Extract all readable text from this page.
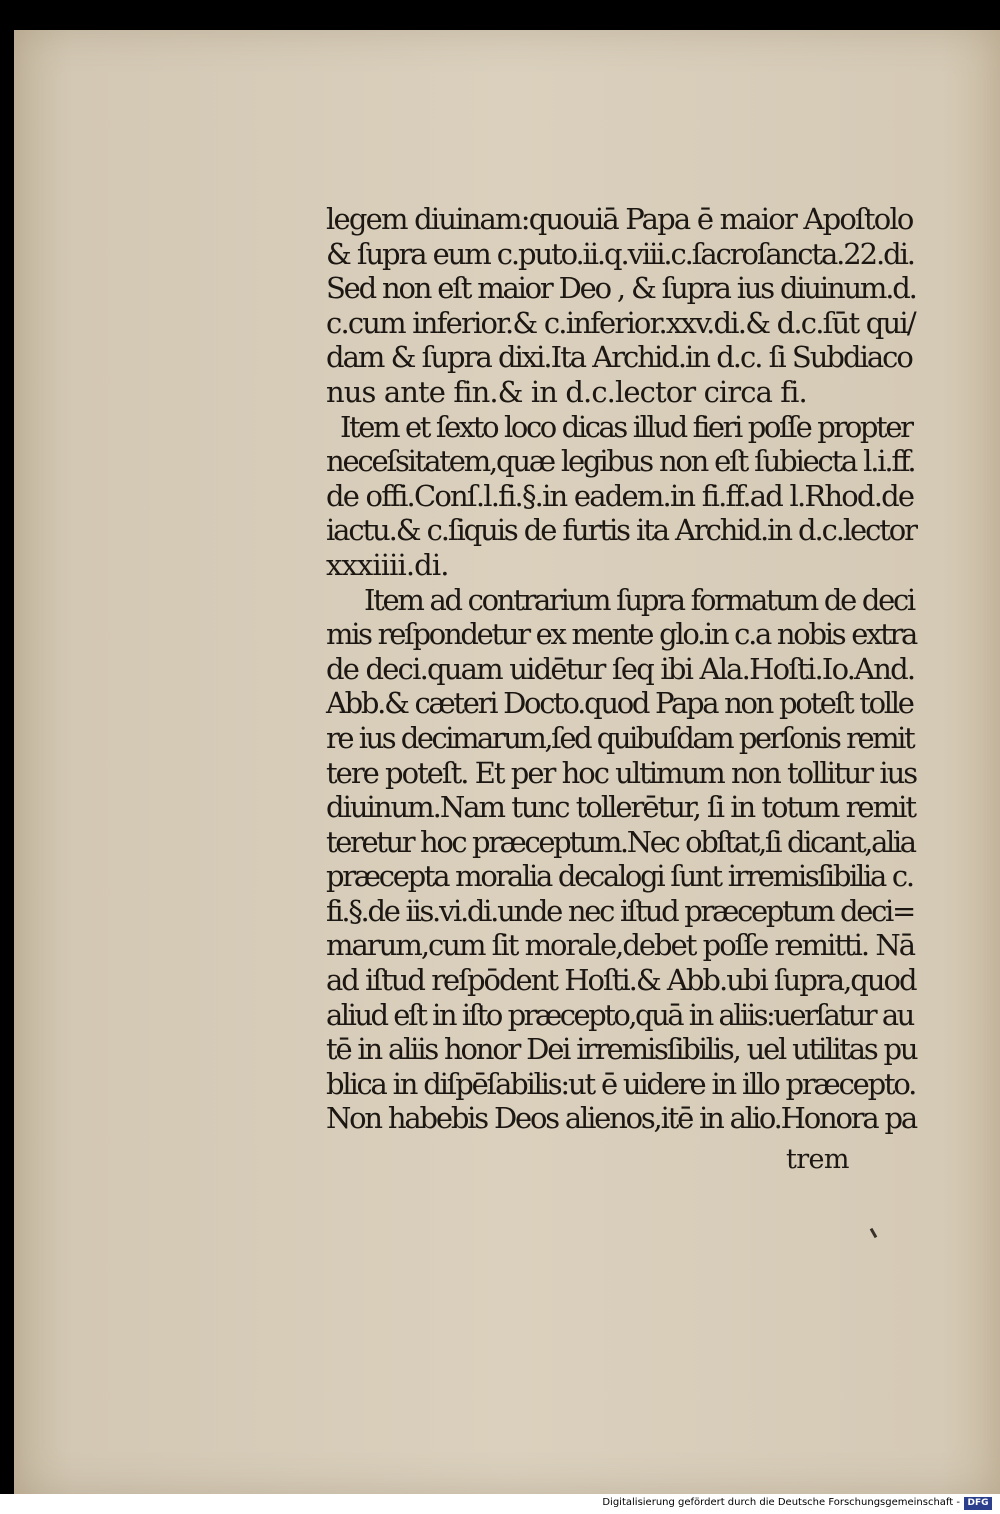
legem diuinam:quouiā Papa ē maior Apoſtolo
& ſupra eum c.puto.ii.q.viii.c.ſacroſancta.22.di.
Sed non eſt maior Deo , & ſupra ius diuinum.d.
c.cum inferior.& c.inferior.xxv.di.& d.c.ſūt qui/
dam & ſupra dixi.Ita Archid.in d.c. ſi Subdiaco
nus ante fin.& in d.c.lector circa fi.
Item et ſexto loco dicas illud fieri poſſe propter
neceſsitatem,quæ legibus non eſt ſubiecta l.i.ff.
de offi.Conſ.l.fi.§.in eadem.in fi.ff.ad l.Rhod.de
iactu.& c.ſiquis de furtis ita Archid.in d.c.lector
xxxiiii.di.
Item ad contrarium ſupra formatum de deci
mis reſpondetur ex mente glo.in c.a nobis extra
de deci.quam uidētur ſeq ibi Ala.Hoſti.Io.And.
Abb.& cæteri Docto.quod Papa non poteſt tolle
re ius decimarum,ſed quibuſdam perſonis remit
tere poteſt. Et per hoc ultimum non tollitur ius
diuinum.Nam tunc tollerētur, ſi in totum remit
teretur hoc præceptum.Nec obſtat,ſi dicant,alia
præcepta moralia decalogi ſunt irremisſibilia c.
fi.§.de iis.vi.di.unde nec iſtud præceptum deci=
marum,cum ſit morale,debet poſſe remitti. Nā
ad iſtud reſpōdent Hoſti.& Abb.ubi ſupra,quod
aliud eſt in iſto præcepto,quā in aliis:uerſatur au
tē in aliis honor Dei irremisſibilis, uel utilitas pu
blica in diſpēſabilis:ut ē uidere in illo præcepto.
Non habebis Deos alienos,itē in alio.Honora pa
trem
Digitalisierung gefördert durch die Deutsche Forschungsgemeinschaft - DFG
